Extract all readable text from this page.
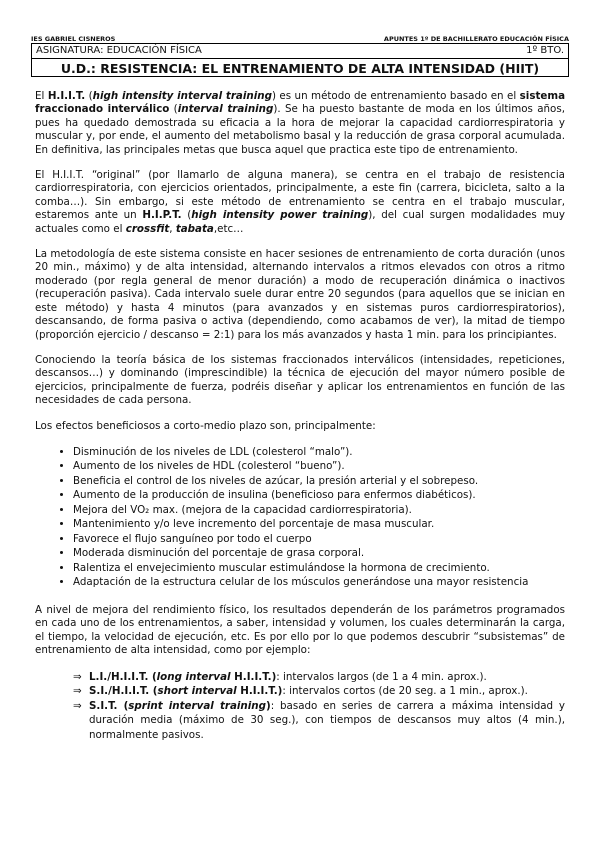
IES GABRIEL CISNEROS	APUNTES 1º DE BACHILLERATO EDUCACIÓN FÍSICA
ASIGNATURA: EDUCACIÓN FÍSICA	1º BTO.
U.D.: RESISTENCIA: EL ENTRENAMIENTO DE ALTA INTENSIDAD (HIIT)

El H.I.I.T. (high intensity interval training) es un método de entrenamiento basado en el sistema fraccionado interválico (interval training). Se ha puesto bastante de moda en los últimos años, pues ha quedado demostrada su eficacia a la hora de mejorar la capacidad cardiorrespiratoria y muscular y, por ende, el aumento del metabolismo basal y la reducción de grasa corporal acumulada. En definitiva, las principales metas que busca aquel que practica este tipo de entrenamiento.

El H.I.I.T. “original” (por llamarlo de alguna manera), se centra en el trabajo de resistencia cardiorrespiratoria, con ejercicios orientados, principalmente, a este fin (carrera, bicicleta, salto a la comba…). Sin embargo, si este método de entrenamiento se centra en el trabajo muscular, estaremos ante un H.I.P.T. (high intensity power training), del cual surgen modalidades muy actuales como el crossfit, tabata,etc…

La metodología de este sistema consiste en hacer sesiones de entrenamiento de corta duración (unos 20 min., máximo) y de alta intensidad, alternando intervalos a ritmos elevados con otros a ritmo moderado (por regla general de menor duración) a modo de recuperación dinámica o inactivos (recuperación pasiva). Cada intervalo suele durar entre 20 segundos (para aquellos que se inician en este método) y hasta 4 minutos (para avanzados y en sistemas puros cardiorrespiratorios), descansando, de forma pasiva o activa (dependiendo, como acabamos de ver), la mitad de tiempo (proporción ejercicio / descanso = 2:1) para los más avanzados y hasta 1 min. para los principiantes.

Conociendo la teoría básica de los sistemas fraccionados interválicos (intensidades, repeticiones, descansos…) y dominando (imprescindible) la técnica de ejecución del mayor número posible de ejercicios, principalmente de fuerza, podréis diseñar y aplicar los entrenamientos en función de las necesidades de cada persona.

Los efectos beneficiosos a corto-medio plazo son, principalmente:

• Disminución de los niveles de LDL (colesterol “malo”).
• Aumento de los niveles de HDL (colesterol “bueno”).
• Beneficia el control de los niveles de azúcar, la presión arterial y el sobrepeso.
• Aumento de la producción de insulina (beneficioso para enfermos diabéticos).
• Mejora del VO₂ max. (mejora de la capacidad cardiorrespiratoria).
• Mantenimiento y/o leve incremento del porcentaje de masa muscular.
• Favorece el flujo sanguíneo por todo el cuerpo
• Moderada disminución del porcentaje de grasa corporal.
• Ralentiza el envejecimiento muscular estimulándose la hormona de crecimiento.
• Adaptación de la estructura celular de los músculos generándose una mayor resistencia

A nivel de mejora del rendimiento físico, los resultados dependerán de los parámetros programados en cada uno de los entrenamientos, a saber, intensidad y volumen, los cuales determinarán la carga, el tiempo, la velocidad de ejecución, etc. Es por ello por lo que podemos descubrir “subsistemas” de entrenamiento de alta intensidad, como por ejemplo:

⇒ L.I./H.I.I.T. (long interval H.I.I.T.): intervalos largos (de 1 a 4 min. aprox.).
⇒ S.I./H.I.I.T. (short interval H.I.I.T.): intervalos cortos (de 20 seg. a 1 min., aprox.).
⇒ S.I.T. (sprint interval training): basado en series de carrera a máxima intensidad y duración media (máximo de 30 seg.), con tiempos de descansos muy altos (4 min.), normalmente pasivos.
